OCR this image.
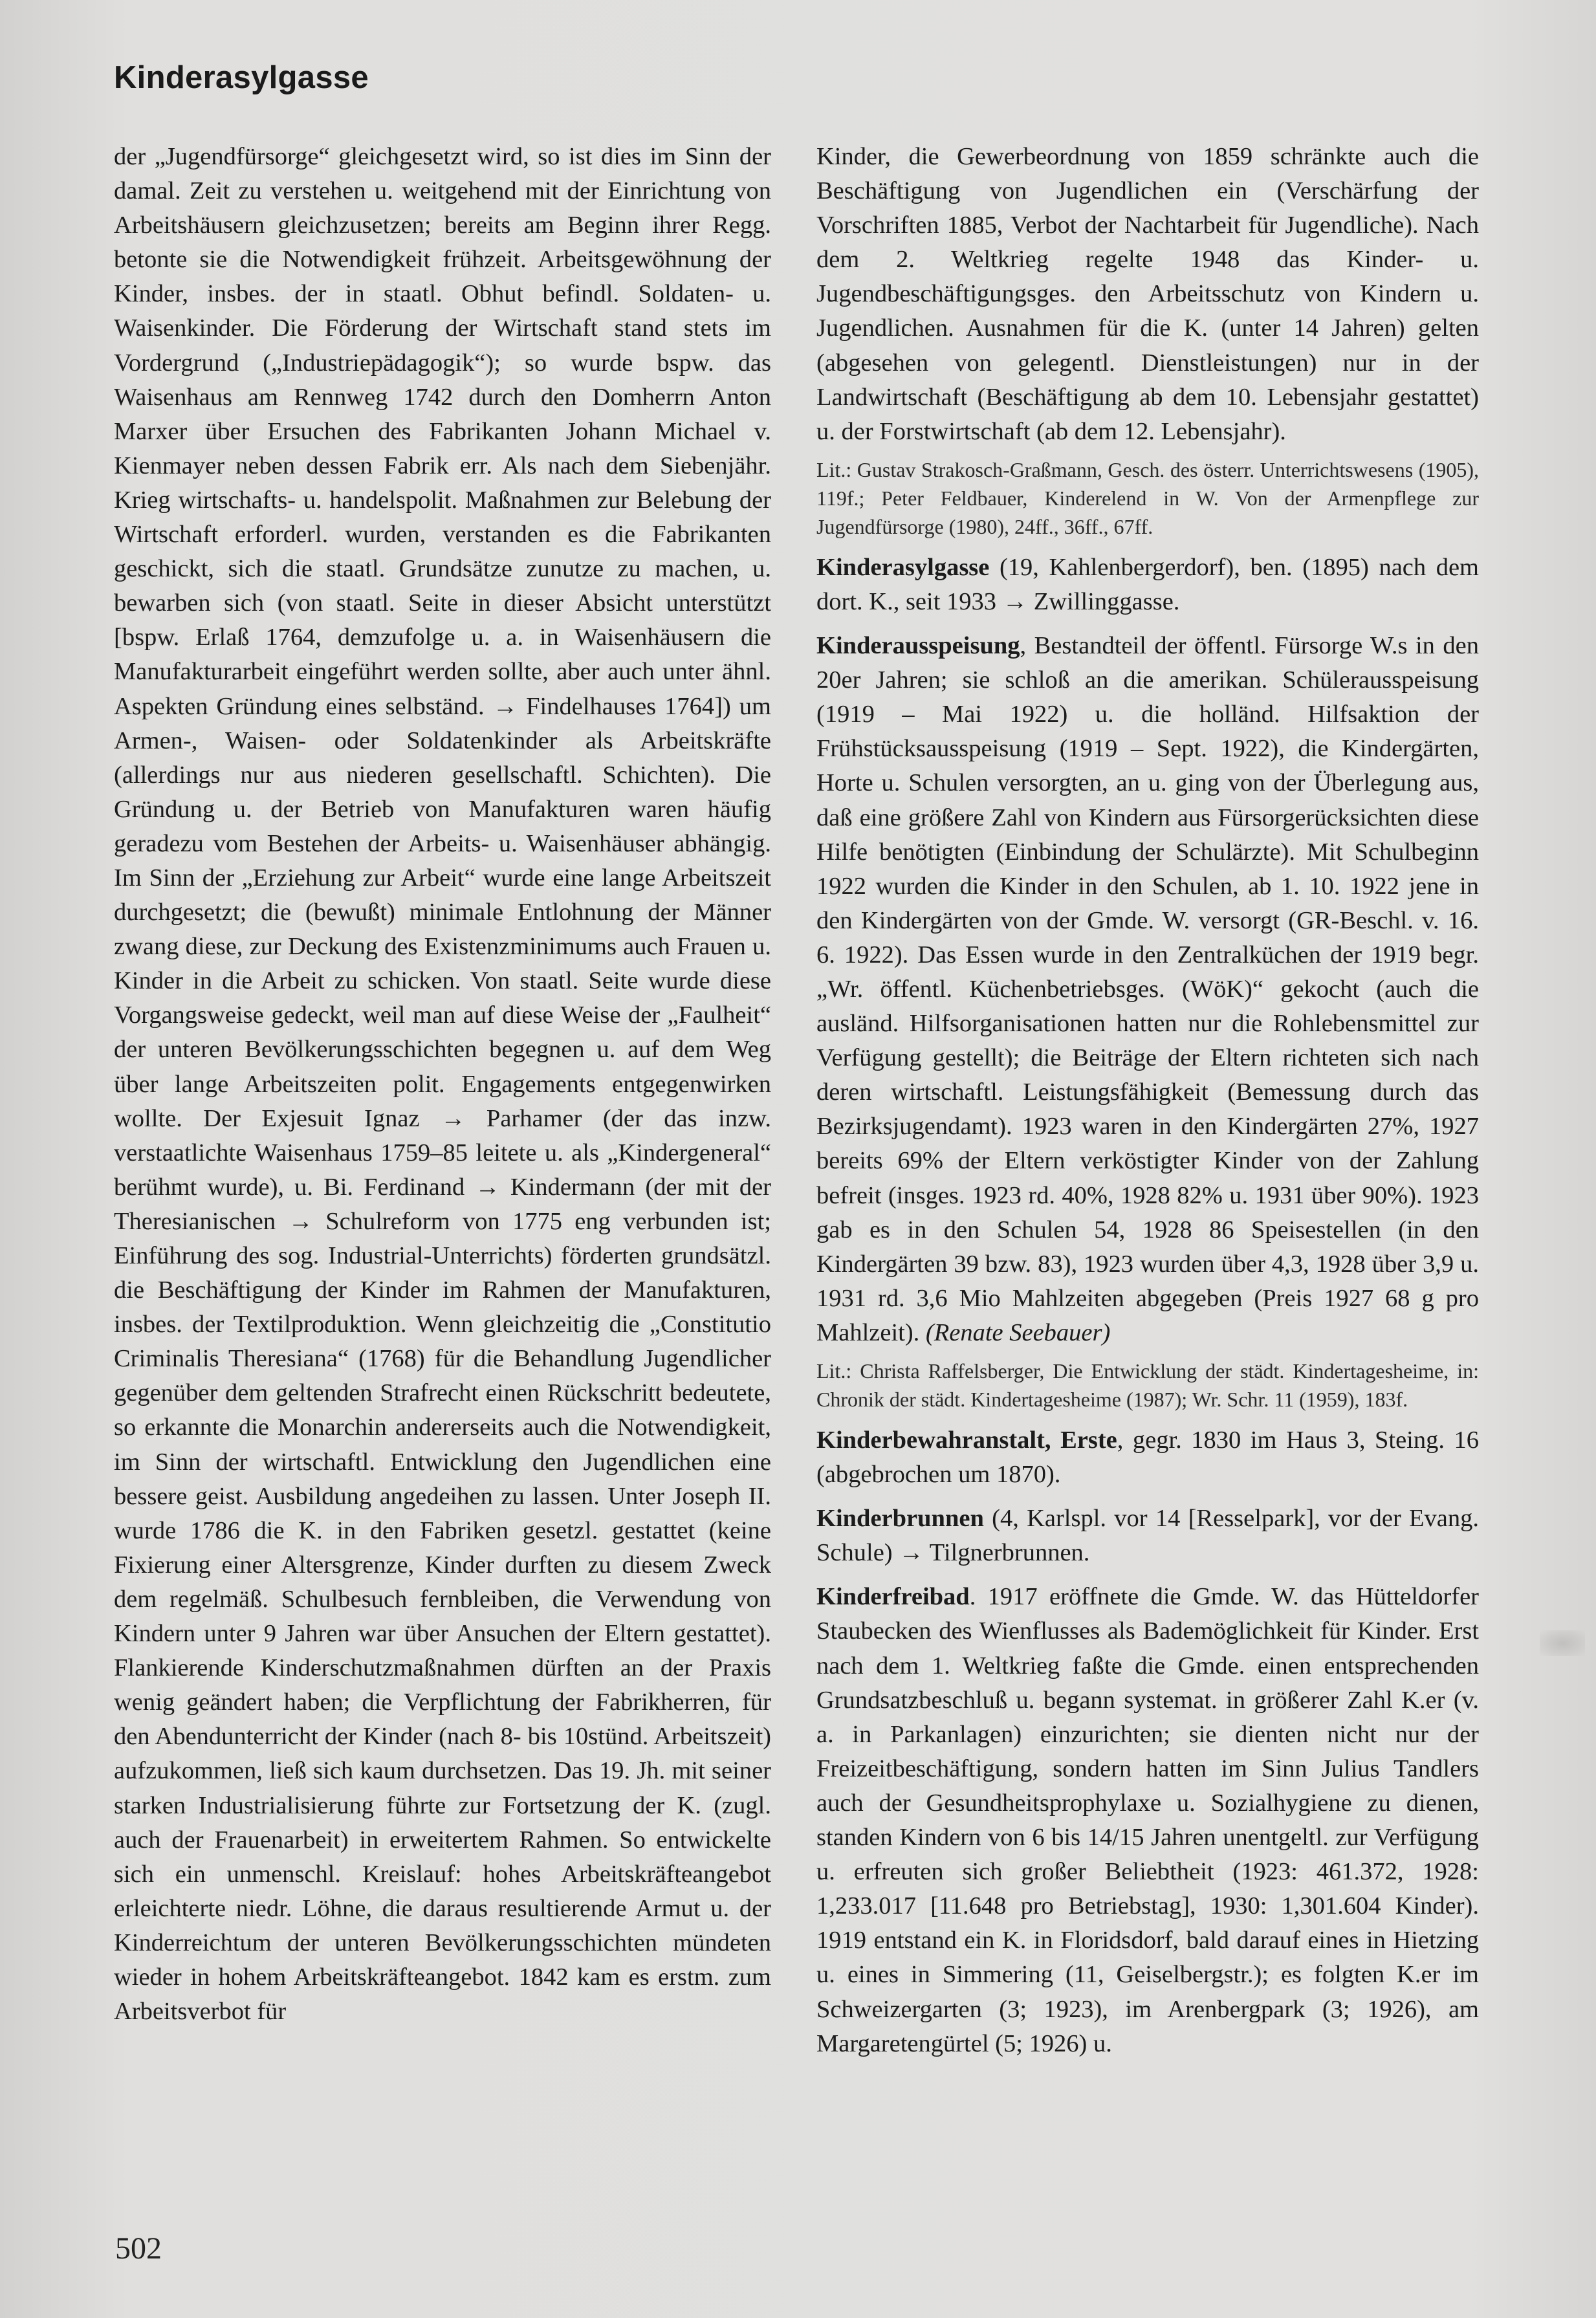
Kinderasylgasse

der „Jugendfürsorge“ gleichgesetzt wird, so ist dies im Sinn der damal. Zeit zu verstehen u. weitgehend mit der Einrichtung von Arbeitshäusern gleichzusetzen; bereits am Beginn ihrer Regg. betonte sie die Notwendigkeit frühzeit. Arbeitsgewöhnung der Kinder, insbes. der in staatl. Obhut befindl. Soldaten- u. Waisenkinder. Die Förderung der Wirtschaft stand stets im Vordergrund („Industriepädagogik“); so wurde bspw. das Waisenhaus am Rennweg 1742 durch den Domherrn Anton Marxer über Ersuchen des Fabrikanten Johann Michael v. Kienmayer neben dessen Fabrik err. Als nach dem Siebenjähr. Krieg wirtschafts- u. handelspolit. Maßnahmen zur Belebung der Wirtschaft erforderl. wurden, verstanden es die Fabrikanten geschickt, sich die staatl. Grundsätze zunutze zu machen, u. bewarben sich (von staatl. Seite in dieser Absicht unterstützt [bspw. Erlaß 1764, demzufolge u. a. in Waisenhäusern die Manufakturarbeit eingeführt werden sollte, aber auch unter ähnl. Aspekten Gründung eines selbständ. → Findelhauses 1764]) um Armen-, Waisen- oder Soldatenkinder als Arbeitskräfte (allerdings nur aus niederen gesellschaftl. Schichten). Die Gründung u. der Betrieb von Manufakturen waren häufig geradezu vom Bestehen der Arbeits- u. Waisenhäuser abhängig. Im Sinn der „Erziehung zur Arbeit“ wurde eine lange Arbeitszeit durchgesetzt; die (bewußt) minimale Entlohnung der Männer zwang diese, zur Deckung des Existenzminimums auch Frauen u. Kinder in die Arbeit zu schicken. Von staatl. Seite wurde diese Vorgangsweise gedeckt, weil man auf diese Weise der „Faulheit“ der unteren Bevölkerungsschichten begegnen u. auf dem Weg über lange Arbeitszeiten polit. Engagements entgegenwirken wollte. Der Exjesuit Ignaz → Parhamer (der das inzw. verstaatlichte Waisenhaus 1759–85 leitete u. als „Kindergeneral“ berühmt wurde), u. Bi. Ferdinand → Kindermann (der mit der Theresianischen → Schulreform von 1775 eng verbunden ist; Einführung des sog. Industrial-Unterrichts) förderten grundsätzl. die Beschäftigung der Kinder im Rahmen der Manufakturen, insbes. der Textilproduktion. Wenn gleichzeitig die „Constitutio Criminalis Theresiana“ (1768) für die Behandlung Jugendlicher gegenüber dem geltenden Strafrecht einen Rückschritt bedeutete, so erkannte die Monarchin andererseits auch die Notwendigkeit, im Sinn der wirtschaftl. Entwicklung den Jugendlichen eine bessere geist. Ausbildung angedeihen zu lassen. Unter Joseph II. wurde 1786 die K. in den Fabriken gesetzl. gestattet (keine Fixierung einer Altersgrenze, Kinder durften zu diesem Zweck dem regelmäß. Schulbesuch fernbleiben, die Verwendung von Kindern unter 9 Jahren war über Ansuchen der Eltern gestattet). Flankierende Kinderschutzmaßnahmen dürften an der Praxis wenig geändert haben; die Verpflichtung der Fabrikherren, für den Abendunterricht der Kinder (nach 8- bis 10stünd. Arbeitszeit) aufzukommen, ließ sich kaum durchsetzen. Das 19. Jh. mit seiner starken Industrialisierung führte zur Fortsetzung der K. (zugl. auch der Frauenarbeit) in erweitertem Rahmen. So entwickelte sich ein unmenschl. Kreislauf: hohes Arbeitskräfteangebot erleichterte niedr. Löhne, die daraus resultierende Armut u. der Kinderreichtum der unteren Bevölkerungsschichten mündeten wieder in hohem Arbeitskräfteangebot. 1842 kam es erstm. zum Arbeitsverbot für

Kinder, die Gewerbeordnung von 1859 schränkte auch die Beschäftigung von Jugendlichen ein (Verschärfung der Vorschriften 1885, Verbot der Nachtarbeit für Jugendliche). Nach dem 2. Weltkrieg regelte 1948 das Kinder- u. Jugendbeschäftigungsges. den Arbeitsschutz von Kindern u. Jugendlichen. Ausnahmen für die K. (unter 14 Jahren) gelten (abgesehen von gelegentl. Dienstleistungen) nur in der Landwirtschaft (Beschäftigung ab dem 10. Lebensjahr gestattet) u. der Forstwirtschaft (ab dem 12. Lebensjahr).

Lit.: Gustav Strakosch-Graßmann, Gesch. des österr. Unterrichtswesens (1905), 119f.; Peter Feldbauer, Kinderelend in W. Von der Armenpflege zur Jugendfürsorge (1980), 24ff., 36ff., 67ff.

Kinderasylgasse (19, Kahlenbergerdorf), ben. (1895) nach dem dort. K., seit 1933 → Zwillinggasse.

Kinderausspeisung, Bestandteil der öffentl. Fürsorge W.s in den 20er Jahren; sie schloß an die amerikan. Schülerausspeisung (1919 – Mai 1922) u. die holländ. Hilfsaktion der Frühstücksausspeisung (1919 – Sept. 1922), die Kindergärten, Horte u. Schulen versorgten, an u. ging von der Überlegung aus, daß eine größere Zahl von Kindern aus Fürsorgerücksichten diese Hilfe benötigten (Einbindung der Schulärzte). Mit Schulbeginn 1922 wurden die Kinder in den Schulen, ab 1. 10. 1922 jene in den Kindergärten von der Gmde. W. versorgt (GR-Beschl. v. 16. 6. 1922). Das Essen wurde in den Zentralküchen der 1919 begr. „Wr. öffentl. Küchenbetriebsges. (WöK)“ gekocht (auch die ausländ. Hilfsorganisationen hatten nur die Rohlebensmittel zur Verfügung gestellt); die Beiträge der Eltern richteten sich nach deren wirtschaftl. Leistungsfähigkeit (Bemessung durch das Bezirksjugendamt). 1923 waren in den Kindergärten 27%, 1927 bereits 69% der Eltern verköstigter Kinder von der Zahlung befreit (insges. 1923 rd. 40%, 1928 82% u. 1931 über 90%). 1923 gab es in den Schulen 54, 1928 86 Speisestellen (in den Kindergärten 39 bzw. 83), 1923 wurden über 4,3, 1928 über 3,9 u. 1931 rd. 3,6 Mio Mahlzeiten abgegeben (Preis 1927 68 g pro Mahlzeit). (Renate Seebauer)

Lit.: Christa Raffelsberger, Die Entwicklung der städt. Kindertagesheime, in: Chronik der städt. Kindertagesheime (1987); Wr. Schr. 11 (1959), 183f.

Kinderbewahranstalt, Erste, gegr. 1830 im Haus 3, Steing. 16 (abgebrochen um 1870).

Kinderbrunnen (4, Karlspl. vor 14 [Resselpark], vor der Evang. Schule) → Tilgnerbrunnen.

Kinderfreibad. 1917 eröffnete die Gmde. W. das Hütteldorfer Staubecken des Wienflusses als Bademöglichkeit für Kinder. Erst nach dem 1. Weltkrieg faßte die Gmde. einen entsprechenden Grundsatzbeschluß u. begann systemat. in größerer Zahl K.er (v. a. in Parkanlagen) einzurichten; sie dienten nicht nur der Freizeitbeschäftigung, sondern hatten im Sinn Julius Tandlers auch der Gesundheitsprophylaxe u. Sozialhygiene zu dienen, standen Kindern von 6 bis 14/15 Jahren unentgeltl. zur Verfügung u. erfreuten sich großer Beliebtheit (1923: 461.372, 1928: 1,233.017 [11.648 pro Betriebstag], 1930: 1,301.604 Kinder). 1919 entstand ein K. in Floridsdorf, bald darauf eines in Hietzing u. eines in Simmering (11, Geiselbergstr.); es folgten K.er im Schweizergarten (3; 1923), im Arenbergpark (3; 1926), am Margaretengürtel (5; 1926) u.

502
